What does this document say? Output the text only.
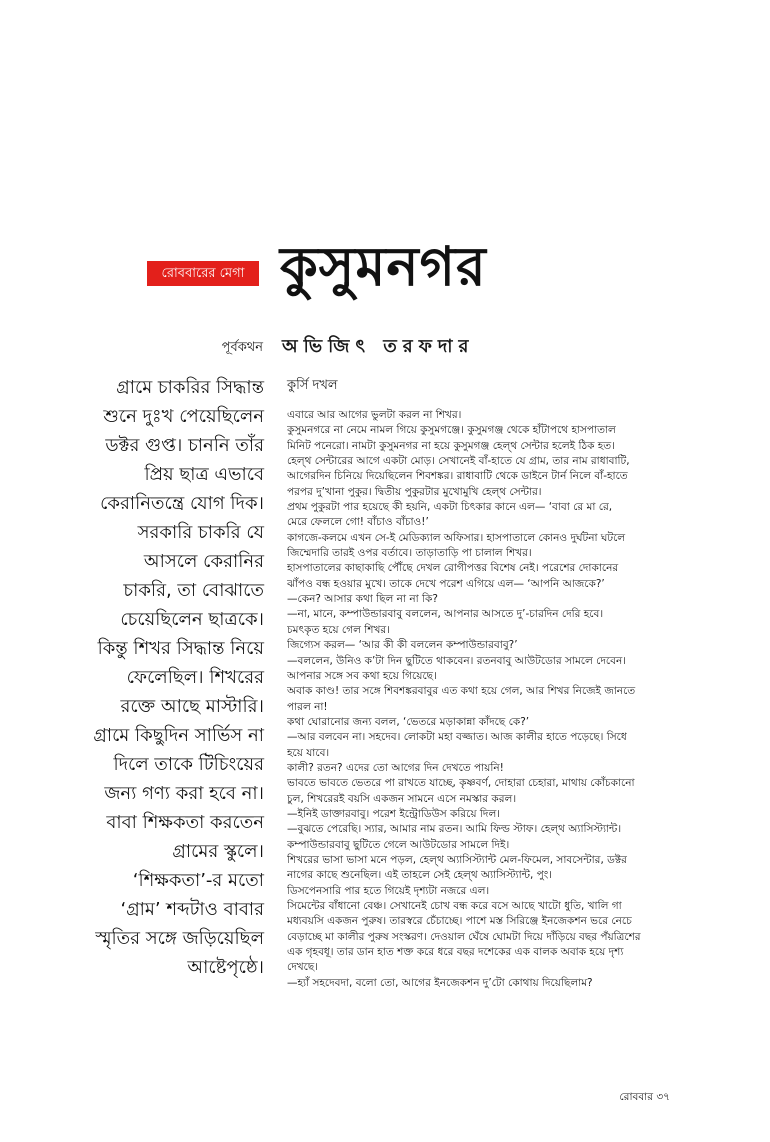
রোববারের মেগা কুসুমনগর
পূর্বকথন অভিজিৎ তরফদার
গ্রামে চাকরির সিদ্ধান্ত
শুনে দুঃখ পেয়েছিলেন
ডক্টর গুপ্ত। চাননি তাঁর
প্রিয় ছাত্র এভাবে
কেরানিতন্ত্রে যোগ দিক।
সরকারি চাকরি যে
আসলে কেরানির
চাকরি, তা বোঝাতে
চেয়েছিলেন ছাত্রকে।
কিন্তু শিখর সিদ্ধান্ত নিয়ে
ফেলেছিল। শিখরের
রক্তে আছে মাস্টারি।
গ্রামে কিছুদিন সার্ভিস না
দিলে তাকে টিচিংয়ের
জন্য গণ্য করা হবে না।
বাবা শিক্ষকতা করতেন
গ্রামের স্কুলে।
‘শিক্ষকতা’-র মতো
‘গ্রাম’ শব্দটাও বাবার
স্মৃতির সঙ্গে জড়িয়েছিল
আষ্টেপৃষ্ঠে।
কুর্সি দখল
এবারে আর আগের ভুলটা করল না শিখর।
কুসুমনগরে না নেমে নামল গিয়ে কুসুমগঞ্জে। কুসুমগঞ্জ থেকে হাঁটাপথে হাসপাতাল
মিনিট পনেরো। নামটা কুসুমনগর না হয়ে কুসুমগঞ্জ হেল্‌থ সেন্টার হলেই ঠিক হত।
হেল্‌থ সেন্টারের আগে একটা মোড়। সেখানেই বাঁ-হাতে যে গ্রাম, তার নাম রাধাবাটি,
আগেরদিন চিনিয়ে দিয়েছিলেন শিবশঙ্কর। রাধাবাটি থেকে ডাইনে টার্ন নিলে বাঁ-হাতে
পরপর দু’খানা পুকুর। দ্বিতীয় পুকুরটার মুখোমুখি হেল্‌থ সেন্টার।
প্রথম পুকুরটা পার হয়েছে কী হয়নি, একটা চিৎকার কানে এল— ‘বাবা রে মা রে,
মেরে ফেললে গো! বাঁচাও বাঁচাও!’
কাগজে-কলমে এখন সে-ই মেডিক্যাল অফিসার। হাসপাতালে কোনও দুর্ঘটনা ঘটলে
জিম্মেদারি তারই ওপর বর্তাবে। তাড়াতাড়ি পা চালাল শিখর।
হাসপাতালের কাছাকাছি পৌঁছে দেখল রোগীপত্তর বিশেষ নেই। পরেশের দোকানের
ঝাঁপও বন্ধ হওয়ার মুখে। তাকে দেখে পরেশ এগিয়ে এল— ‘আপনি আজকে?’
—কেন? আসার কথা ছিল না না কি?
—না, মানে, কম্পাউন্ডারবাবু বললেন, আপনার আসতে দু’-চারদিন দেরি হবে।
চমৎকৃত হয়ে গেল শিখর।
জিগ্যেস করল— ‘আর কী কী বললেন কম্পাউন্ডারবাবু?’
—বললেন, উনিও ক’টা দিন ছুটিতে থাকবেন। রতনবাবু আউটডোর সামলে দেবেন।
আপনার সঙ্গে সব কথা হয়ে গিয়েছে।
অবাক কাণ্ড! তার সঙ্গে শিবশঙ্করবাবুর এত কথা হয়ে গেল, আর শিখর নিজেই জানতে
পারল না!
কথা ঘোরানোর জন্য বলল, ‘ভেতরে মড়াকান্না কাঁদছে কে?’
—আর বলবেন না। সহদেব। লোকটা মহা বজ্জাত। আজ কালীর হাতে পড়েছে। সিধে
হয়ে যাবে।
কালী? রতন? এদের তো আগের দিন দেখতে পায়নি!
ভাবতে ভাবতে ভেতরে পা রাখতে যাচ্ছে, কৃষ্ণবর্ণ, দোহারা চেহারা, মাথায় কোঁচকানো
চুল, শিখরেরই বয়সি একজন সামনে এসে নমস্কার করল।
—ইনিই ডাক্তারবাবু। পরেশ ইন্ট্রোডিউস করিয়ে দিল।
—বুঝতে পেরেছি। স্যার, আমার নাম রতন। আমি ফিল্ড স্টাফ। হেল্‌থ অ্যাসিস্ট্যান্ট।
কম্পাউন্ডারবাবু ছুটিতে গেলে আউটডোর সামলে দিই।
শিখরের ভাসা ভাসা মনে পড়ল, হেল্‌থ অ্যাসিস্ট্যান্ট মেল-ফিমেল, সাবসেন্টার, ডক্টর
নাগের কাছে শুনেছিল। এই তাহলে সেই হেল্‌থ অ্যাসিস্ট্যান্ট, পুং।
ডিসপেনসারি পার হতে গিয়েই দৃশ্যটা নজরে এল।
সিমেন্টের বাঁধানো বেঞ্চ। সেখানেই চোখ বন্ধ করে বসে আছে খাটো ধুতি, খালি গা
মধ্যবয়সি একজন পুরুষ। তারস্বরে চেঁচাচ্ছে। পাশে মস্ত সিরিঞ্জে ইনজেকশন ভরে নেচে
বেড়াচ্ছে মা কালীর পুরুষ সংস্করণ। দেওয়াল ঘেঁষে ঘোমটা দিয়ে দাঁড়িয়ে বছর পঁয়ত্রিশের
এক গৃহবধূ। তার ডান হাত শক্ত করে ধরে বছর দশেকের এক বালক অবাক হয়ে দৃশ্য
দেখছে।
—হ্যাঁ সহদেবদা, বলো তো, আগের ইনজেকশন দু’টো কোথায় দিয়েছিলাম?
রোববার ৩৭
